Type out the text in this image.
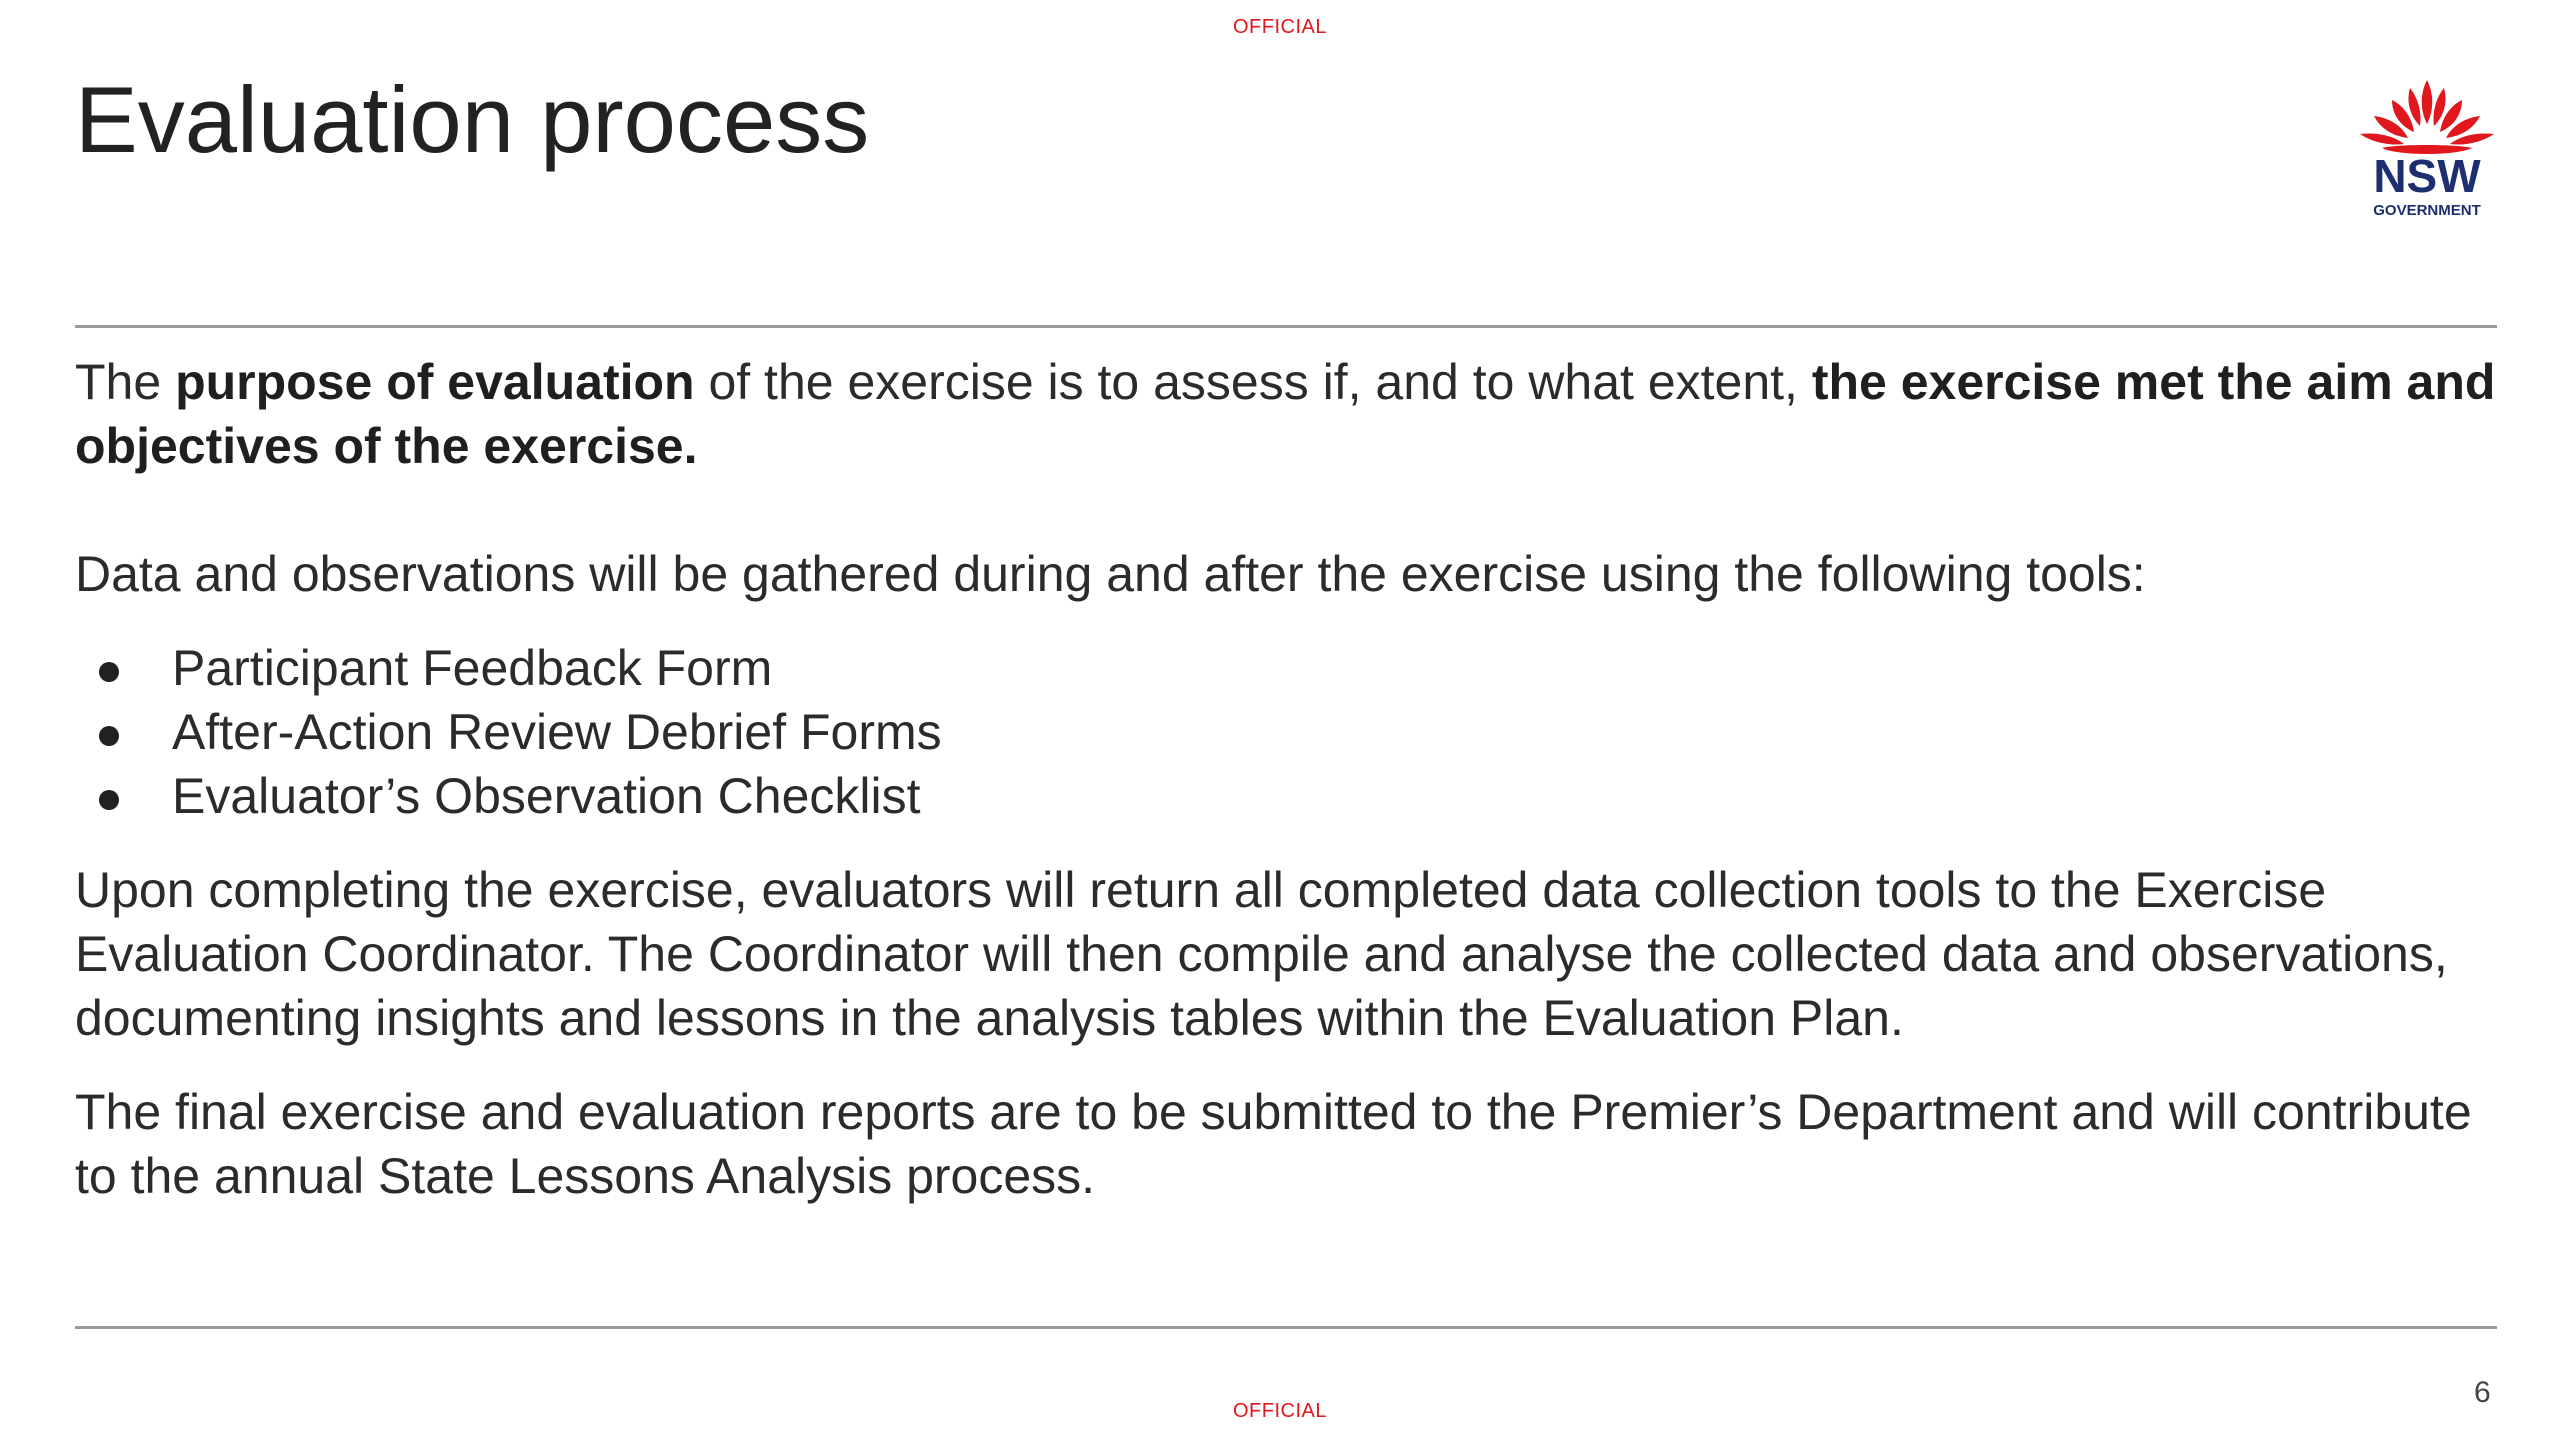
OFFICIAL
Evaluation process
NSW
GOVERNMENT

The purpose of evaluation of the exercise is to assess if, and to what extent, the exercise met the aim and objectives of the exercise.

Data and observations will be gathered during and after the exercise using the following tools:

Participant Feedback Form
After-Action Review Debrief Forms
Evaluator’s Observation Checklist

Upon completing the exercise, evaluators will return all completed data collection tools to the Exercise Evaluation Coordinator. The Coordinator will then compile and analyse the collected data and observations, documenting insights and lessons in the analysis tables within the Evaluation Plan.

The final exercise and evaluation reports are to be submitted to the Premier’s Department and will contribute to the annual State Lessons Analysis process.

6
OFFICIAL
